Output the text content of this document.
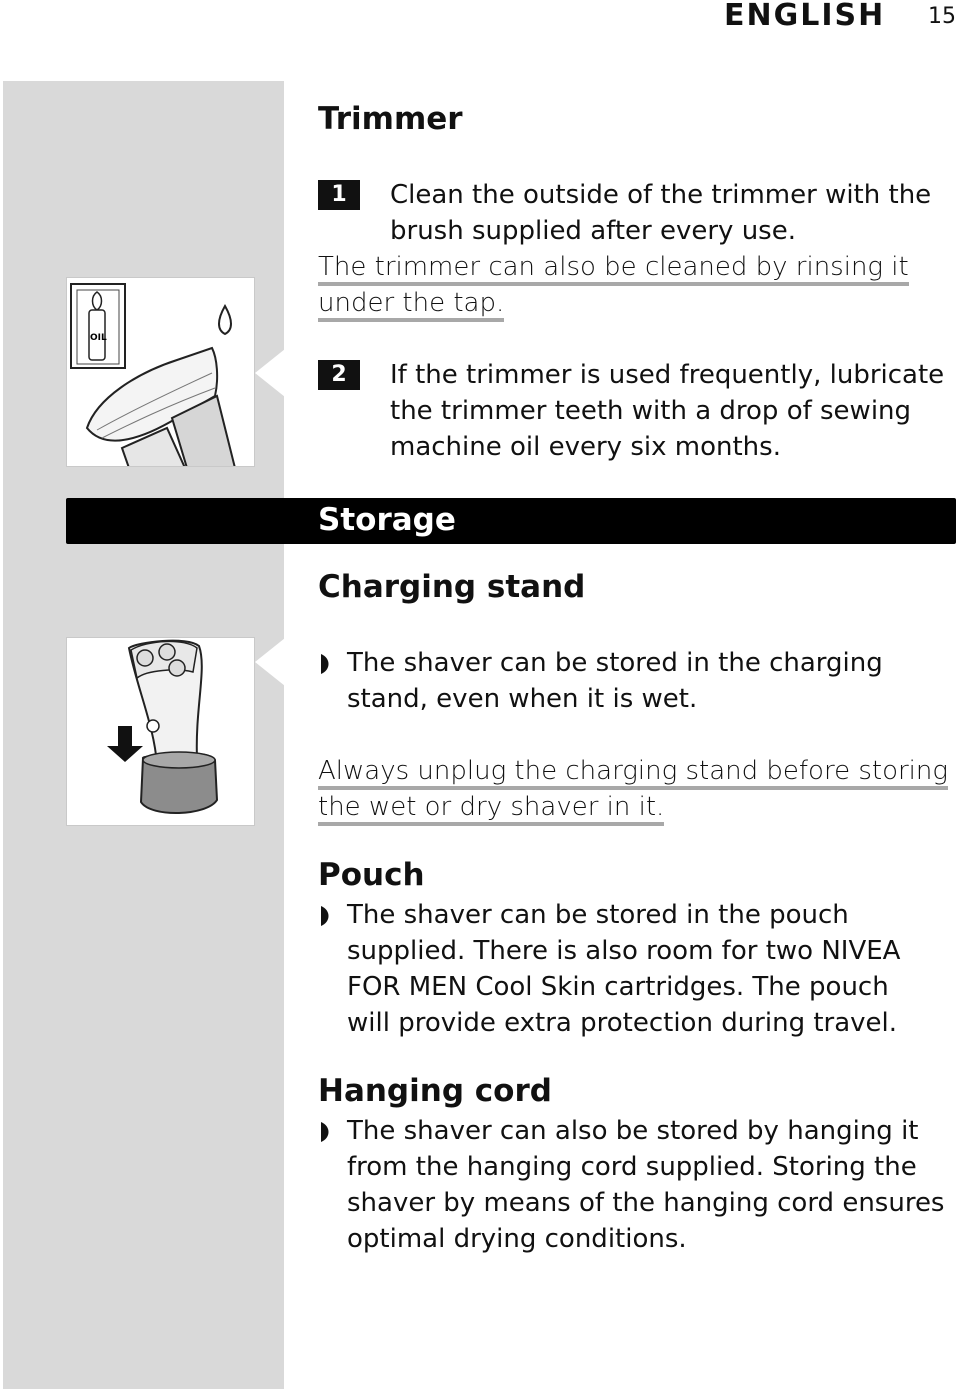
ENGLISH 15
OIL
Trimmer
1	Clean the outside of the trimmer with the
brush supplied after every use.
The trimmer can also be cleaned by rinsing it
under the tap.
2	If the trimmer is used frequently, lubricate
the trimmer teeth with a drop of sewing
machine oil every six months.
Storage
Charging stand
The shaver can be stored in the charging
stand, even when it is wet.
Always unplug the charging stand before storing
the wet or dry shaver in it.
Pouch
The shaver can be stored in the pouch
supplied. There is also room for two NIVEA
FOR MEN Cool Skin cartridges. The pouch
will provide extra protection during travel.
Hanging cord
The shaver can also be stored by hanging it
from the hanging cord supplied. Storing the
shaver by means of the hanging cord ensures
optimal drying conditions.
